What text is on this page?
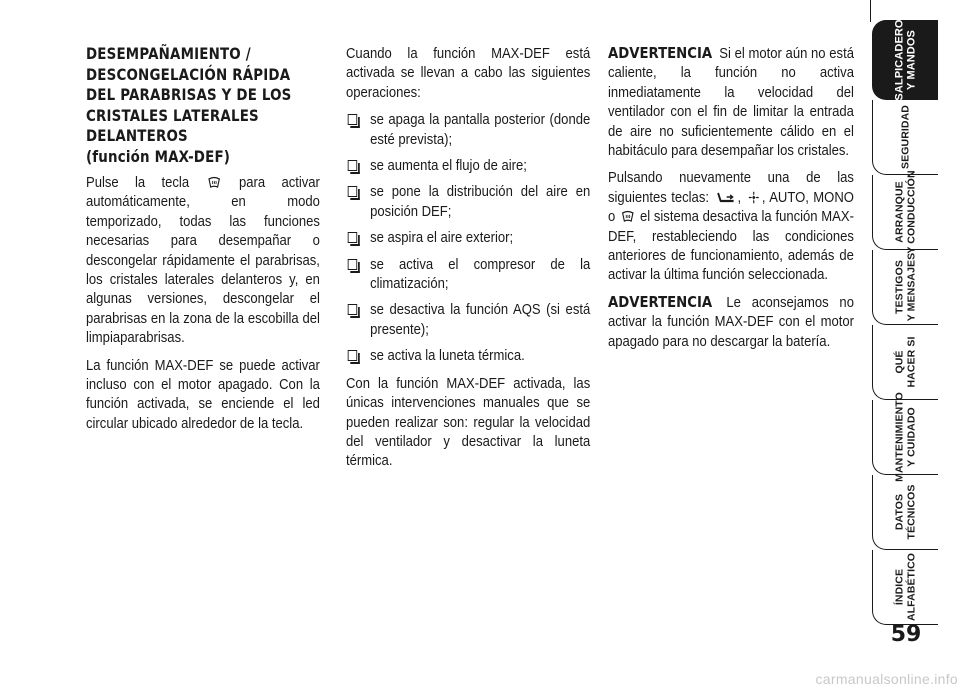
DESEMPAÑAMIENTO /
DESCONGELACIÓN RÁPIDA
DEL PARABRISAS Y DE LOS
CRISTALES LATERALES
DELANTEROS
(función MAX-DEF)

Pulse la tecla	para activar automáticamente, en modo temporizado, todas las funciones necesarias para desempañar o descongelar rápidamente el parabrisas, los cristales laterales delanteros y, en algunas versiones, descongelar el parabrisas en la zona de la escobilla del limpiaparabrisas.

La función MAX-DEF se puede activar incluso con el motor apagado. Con la función activada, se enciende el led circular ubicado alrededor de la tecla.

Cuando la función MAX-DEF está activada se llevan a cabo las siguientes operaciones:

se apaga la pantalla posterior (donde esté prevista);
se aumenta el flujo de aire;
se pone la distribución del aire en posición DEF;
se aspira el aire exterior;
se activa el compresor de la climatización;
se desactiva la función AQS (si está presente);
se activa la luneta térmica.

Con la función MAX-DEF activada, las únicas intervenciones manuales que se pueden realizar son: regular la velocidad del ventilador y desactivar la luneta térmica.

ADVERTENCIA Si el motor aún no está caliente, la función no activa inmediatamente la velocidad del ventilador con el fin de limitar la entrada de aire no suficientemente cálido en el habitáculo para desempañar los cristales.

Pulsando nuevamente una de las siguientes teclas: , , AUTO, MONO o el sistema desactiva la función MAX-DEF, restableciendo las condiciones anteriores de funcionamiento, además de activar la última función seleccionada.

ADVERTENCIA Le aconsejamos no activar la función MAX-DEF con el motor apagado para no descargar la batería.

SALPICADERO Y MANDOS
SEGURIDAD
ARRANQUE Y CONDUCCIÓN
TESTIGOS Y MENSAJES
QUÉ HACER SI
MANTENIMIENTO Y CUIDADO
DATOS TÉCNICOS
ÍNDICE ALFABÉTICO
59
carmanualsonline.info
